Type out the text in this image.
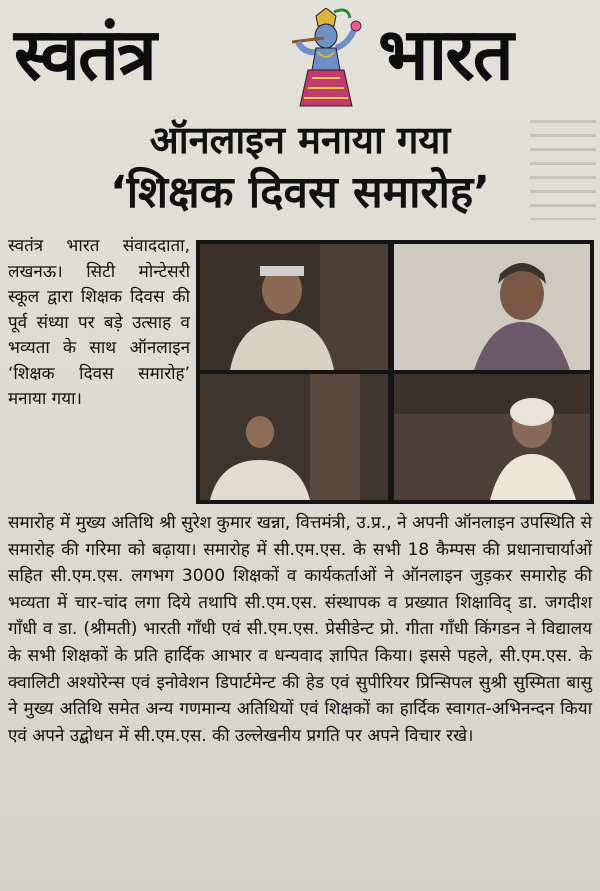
स्वतंत्र	भारत
ऑनलाइन मनाया गया
‘शिक्षक दिवस समारोह’
स्वतंत्र भारत संवाददाता, लखनऊ। सिटी मोन्टेसरी स्कूल द्वारा शिक्षक दिवस की पूर्व संध्या पर बड़े उत्साह व भव्यता के साथ ऑनलाइन ‘शिक्षक दिवस समारोह’ मनाया गया।
समारोह में मुख्य अतिथि श्री सुरेश कुमार खन्ना, वित्तमंत्री, उ.प्र., ने अपनी ऑनलाइन उपस्थिति से समारोह की गरिमा को बढ़ाया। समारोह में सी.एम.एस. के सभी 18 कैम्पस की प्रधानाचार्याओं सहित सी.एम.एस. लगभग 3000 शिक्षकों व कार्यकर्ताओं ने ऑनलाइन जुड़कर समारोह की भव्यता में चार-चांद लगा दिये तथापि सी.एम.एस. संस्थापक व प्रख्यात शिक्षाविद् डा. जगदीश गाँधी व डा. (श्रीमती) भारती गाँधी एवं सी.एम.एस. प्रेसीडेन्ट प्रो. गीता गाँधी किंगडन ने विद्यालय के सभी शिक्षकों के प्रति हार्दिक आभार व धन्यवाद ज्ञापित किया। इससे पहले, सी.एम.एस. के क्वालिटी अश्योरेन्स एवं इनोवेशन डिपार्टमेन्ट की हेड एवं सुपीरियर प्रिन्सिपल सुश्री सुस्मिता बासु ने मुख्य अतिथि समेत अन्य गणमान्य अतिथियों एवं शिक्षकों का हार्दिक स्वागत-अभिनन्दन किया एवं अपने उद्बोधन में सी.एम.एस. की उल्लेखनीय प्रगति पर अपने विचार रखे।
